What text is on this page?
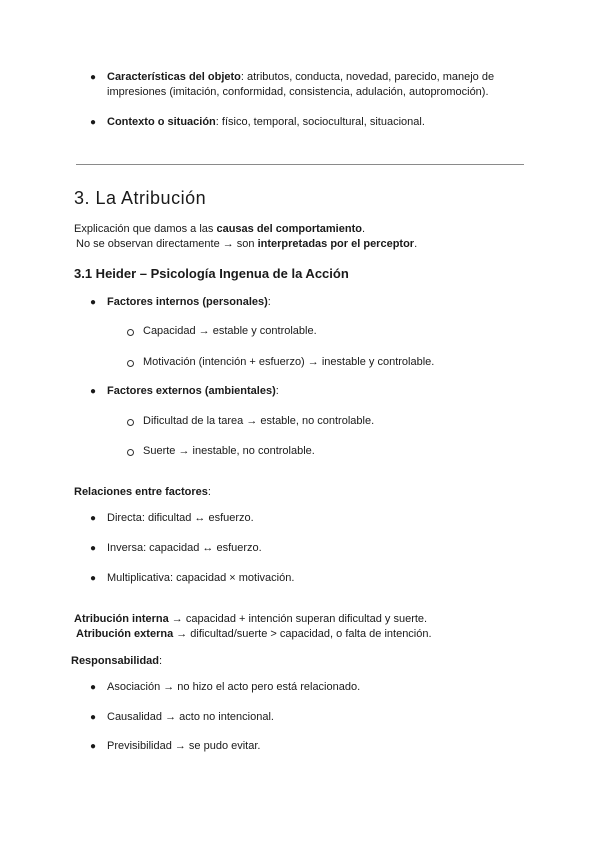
● Características del objeto: atributos, conducta, novedad, parecido, manejo de
impresiones (imitación, conformidad, consistencia, adulación, autopromoción).
● Contexto o situación: físico, temporal, sociocultural, situacional.
3. La Atribución
Explicación que damos a las causas del comportamiento.
No se observan directamente → son interpretadas por el perceptor.
3.1 Heider – Psicología Ingenua de la Acción
● Factores internos (personales):
Capacidad → estable y controlable.
Motivación (intención + esfuerzo) → inestable y controlable.
● Factores externos (ambientales):
Dificultad de la tarea → estable, no controlable.
Suerte → inestable, no controlable.
Relaciones entre factores:
● Directa: dificultad ↔ esfuerzo.
● Inversa: capacidad ↔ esfuerzo.
● Multiplicativa: capacidad × motivación.
Atribución interna → capacidad + intención superan dificultad y suerte.
Atribución externa → dificultad/suerte > capacidad, o falta de intención.
Responsabilidad:
● Asociación → no hizo el acto pero está relacionado.
● Causalidad → acto no intencional.
● Previsibilidad → se pudo evitar.
